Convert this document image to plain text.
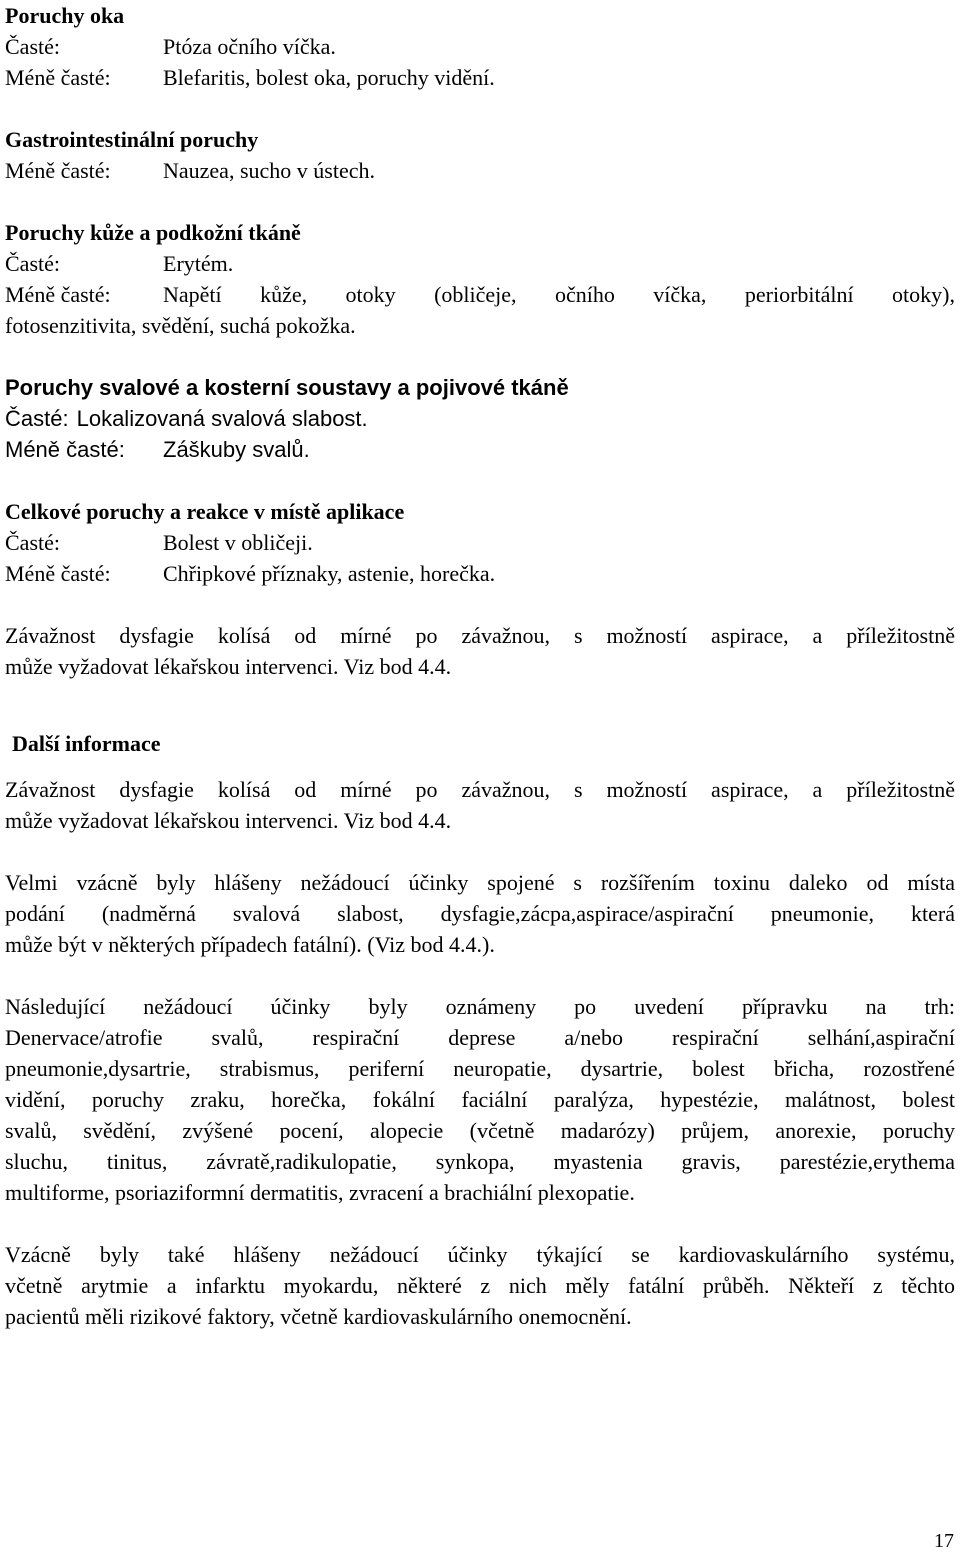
Poruchy oka
Časté:	Ptóza očního víčka.
Méně časté:	Blefaritis, bolest oka, poruchy vidění.
Gastrointestinální poruchy
Méně časté:	Nauzea, sucho v ústech.
Poruchy kůže a podkožní tkáně
Časté:	Erytém.
Méně časté:	Napětí kůže, otoky (obličeje, očního víčka, periorbitální otoky),
fotosenzitivita, svědění, suchá pokožka.
Poruchy svalové a kosterní soustavy a pojivové tkáně
Časté: Lokalizovaná svalová slabost.
Méně časté:	Záškuby svalů.
Celkové poruchy a reakce v místě aplikace
Časté:	Bolest v obličeji.
Méně časté:	Chřipkové příznaky, astenie, horečka.
Závažnost dysfagie kolísá od mírné po závažnou, s možností aspirace, a příležitostně
může vyžadovat lékařskou intervenci. Viz bod 4.4.
Další informace
Závažnost dysfagie kolísá od mírné po závažnou, s možností aspirace, a příležitostně
může vyžadovat lékařskou intervenci. Viz bod 4.4.
Velmi vzácně byly hlášeny nežádoucí účinky spojené s rozšířením toxinu daleko od místa
podání (nadměrná svalová slabost, dysfagie,zácpa,aspirace/aspirační pneumonie, která
může být v některých případech fatální). (Viz bod 4.4.).
Následující nežádoucí účinky byly oznámeny po uvedení přípravku na trh:
Denervace/atrofie svalů, respirační deprese a/nebo respirační selhání,aspirační
pneumonie,dysartrie, strabismus, periferní neuropatie, dysartrie, bolest břicha, rozostřené
vidění, poruchy zraku, horečka, fokální faciální paralýza, hypestézie, malátnost, bolest
svalů, svědění, zvýšené pocení, alopecie (včetně madarózy) průjem, anorexie, poruchy
sluchu, tinitus, závratě,radikulopatie, synkopa, myastenia gravis, parestézie,erythema
multiforme, psoriaziformní dermatitis, zvracení a brachiální plexopatie.
Vzácně byly také hlášeny nežádoucí účinky týkající se kardiovaskulárního systému,
včetně arytmie a infarktu myokardu, některé z nich měly fatální průběh. Někteří z těchto
pacientů měli rizikové faktory, včetně kardiovaskulárního onemocnění.
17
